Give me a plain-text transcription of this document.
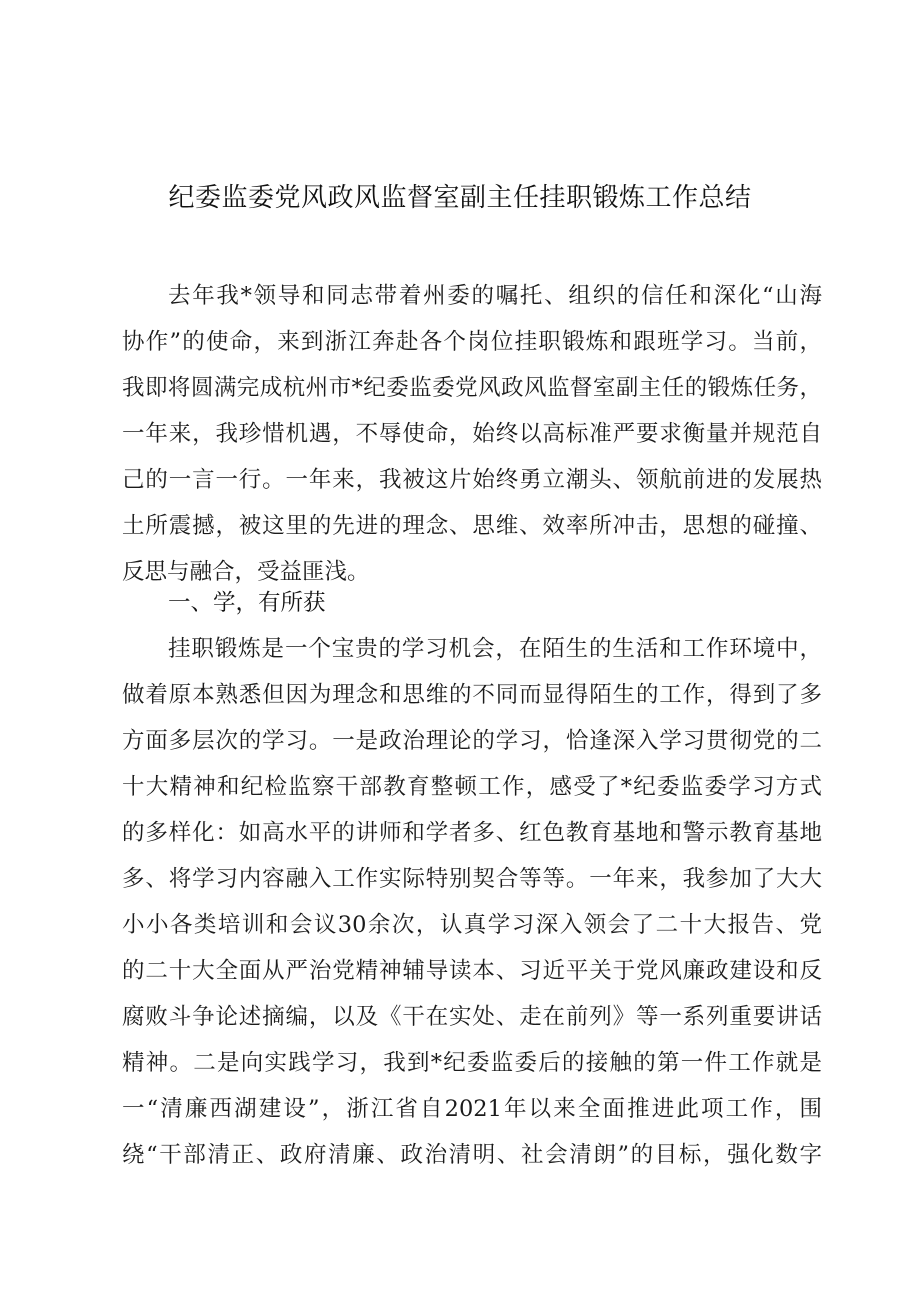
纪委监委党风政风监督室副主任挂职锻炼工作总结
去年我*领导和同志带着州委的嘱托、组织的信任和深化“山海
协作”的使命，来到浙江奔赴各个岗位挂职锻炼和跟班学习。当前，
我即将圆满完成杭州市*纪委监委党风政风监督室副主任的锻炼任务，
一年来，我珍惜机遇，不辱使命，始终以高标准严要求衡量并规范自
己的一言一行。一年来，我被这片始终勇立潮头、领航前进的发展热
土所震撼，被这里的先进的理念、思维、效率所冲击，思想的碰撞、
反思与融合，受益匪浅。
一、学，有所获
挂职锻炼是一个宝贵的学习机会，在陌生的生活和工作环境中，
做着原本熟悉但因为理念和思维的不同而显得陌生的工作，得到了多
方面多层次的学习。一是政治理论的学习，恰逢深入学习贯彻党的二
十大精神和纪检监察干部教育整顿工作，感受了*纪委监委学习方式
的多样化：如高水平的讲师和学者多、红色教育基地和警示教育基地
多、将学习内容融入工作实际特别契合等等。一年来，我参加了大大
小小各类培训和会议30余次，认真学习深入领会了二十大报告、党
的二十大全面从严治党精神辅导读本、习近平关于党风廉政建设和反
腐败斗争论述摘编，以及《干在实处、走在前列》等一系列重要讲话
精神。二是向实践学习，我到*纪委监委后的接触的第一件工作就是
一“清廉西湖建设”，浙江省自2021年以来全面推进此项工作，围
绕“干部清正、政府清廉、政治清明、社会清朗”的目标，强化数字
